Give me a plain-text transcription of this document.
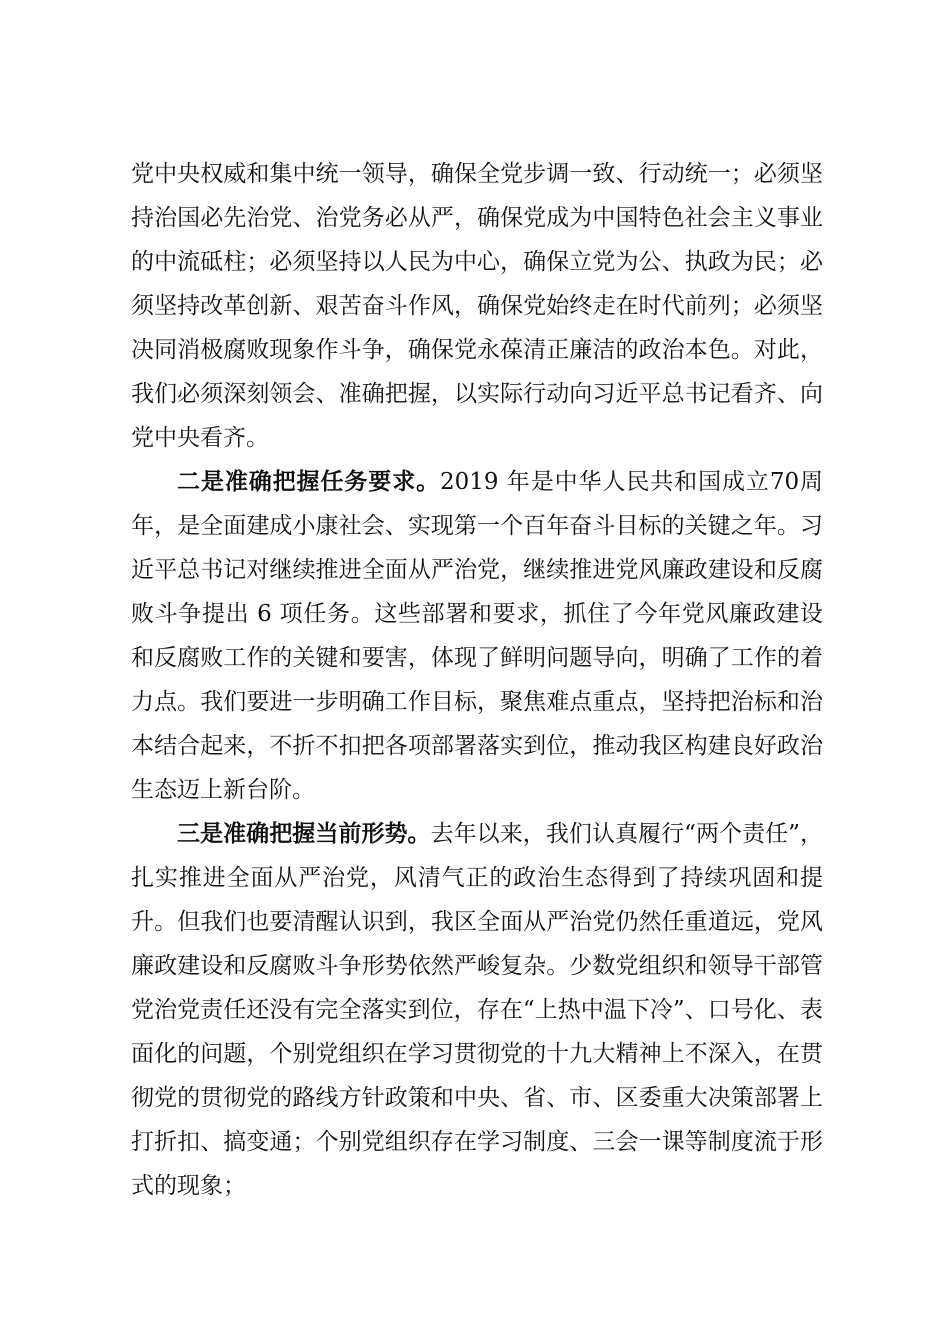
党中央权威和集中统一领导，确保全党步调一致、行动统一；必须坚持治国必先治党、治党务必从严，确保党成为中国特色社会主义事业的中流砥柱；必须坚持以人民为中心，确保立党为公、执政为民；必须坚持改革创新、艰苦奋斗作风，确保党始终走在时代前列；必须坚决同消极腐败现象作斗争，确保党永葆清正廉洁的政治本色。对此，我们必须深刻领会、准确把握，以实际行动向习近平总书记看齐、向党中央看齐。

二是准确把握任务要求。2019 年是中华人民共和国成立70周年，是全面建成小康社会、实现第一个百年奋斗目标的关键之年。习近平总书记对继续推进全面从严治党，继续推进党风廉政建设和反腐败斗争提出 6 项任务。这些部署和要求，抓住了今年党风廉政建设和反腐败工作的关键和要害，体现了鲜明问题导向，明确了工作的着力点。我们要进一步明确工作目标，聚焦难点重点，坚持把治标和治本结合起来，不折不扣把各项部署落实到位，推动我区构建良好政治生态迈上新台阶。

三是准确把握当前形势。去年以来，我们认真履行“两个责任”，扎实推进全面从严治党，风清气正的政治生态得到了持续巩固和提升。但我们也要清醒认识到，我区全面从严治党仍然任重道远，党风廉政建设和反腐败斗争形势依然严峻复杂。少数党组织和领导干部管党治党责任还没有完全落实到位，存在“上热中温下冷”、口号化、表面化的问题，个别党组织在学习贯彻党的十九大精神上不深入，在贯彻党的贯彻党的路线方针政策和中央、省、市、区委重大决策部署上打折扣、搞变通；个别党组织存在学习制度、三会一课等制度流于形式的现象；
